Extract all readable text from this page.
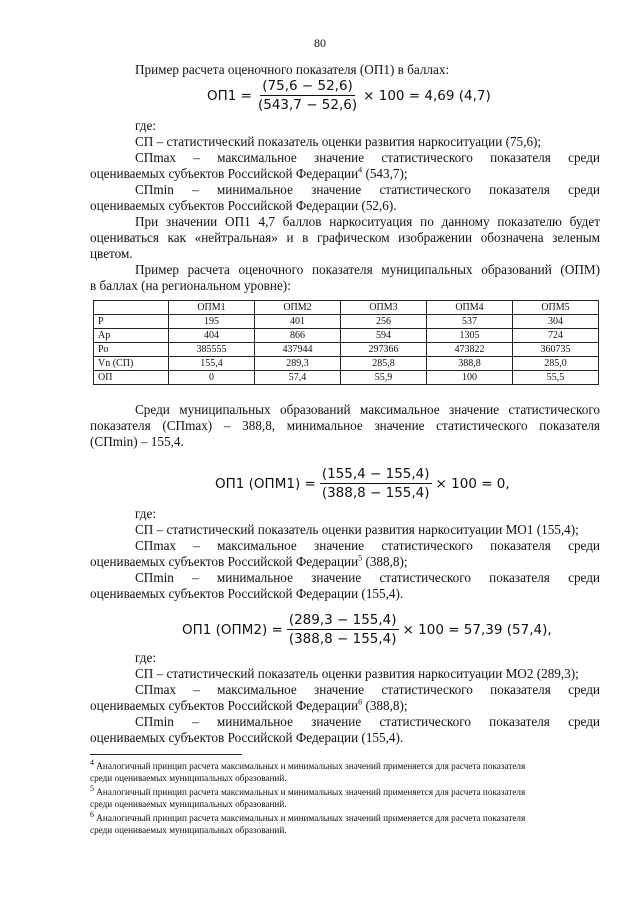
80
Пример расчета оценочного показателя (ОП1) в баллах:
$ОП1 = \frac{(75,6 - 52,6)}{(543,7 - 52,6)} \times 100 = 4,69$ (4,7)
где:
СП – статистический показатель оценки развития наркоситуации (75,6);
СПmax – максимальное значение статистического показателя среди
оцениваемых субъектов Российской Федерации$^4$ (543,7);
СПmin – минимальное значение статистического показателя среди
оцениваемых субъектов Российской Федерации (52,6).
При значении ОП1 4,7 баллов наркоситуация по данному показателю будет
оцениваться как «нейтральная» и в графическом изображении обозначена зеленым
цветом.
Пример расчета оценочного показателя муниципальных образований (ОПМ)
в баллах (на региональном уровне):
	ОПМ1	ОПМ2	ОПМ3	ОПМ4	ОПМ5
Р	195	401	256	537	304
Ар	404	866	594	1305	724
Ро	385555	437944	297366	473822	360735
Vn (СП)	155,4	289,3	285,8	388,8	285,0
ОП	0	57,4	55,9	100	55,5
Среди муниципальных образований максимальное значение статистического
показателя (СПmax) – 388,8, минимальное значение статистического показателя
(СПmin) – 155,4.
ОП1 $(ОПМ1) = \frac{(155,4 - 155,4)}{(388,8 - 155,4)} \times 100 = 0$,
где:
СП – статистический показатель оценки развития наркоситуации МО1 (155,4);
СПmax – максимальное значение статистического показателя среди
оцениваемых субъектов Российской Федерации$^5$ (388,8);
СПmin – минимальное значение статистического показателя среди
оцениваемых субъектов Российской Федерации (155,4).
ОП1 $(ОПМ2) = \frac{(289,3 - 155,4)}{(388,8 - 155,4)} \times 100 = 57,39$ (57,4),
где:
СП – статистический показатель оценки развития наркоситуации МО2 (289,3);
СПmax – максимальное значение статистического показателя среди
оцениваемых субъектов Российской Федерации$^6$ (388,8);
СПmin – минимальное значение статистического показателя среди
оцениваемых субъектов Российской Федерации (155,4).
$^4$ Аналогичный принцип расчета максимальных и минимальных значений применяется для расчета показателя
среди оцениваемых муниципальных образований.
$^5$ Аналогичный принцип расчета максимальных и минимальных значений применяется для расчета показателя
среди оцениваемых муниципальных образований.
$^6$ Аналогичный принцип расчета максимальных и минимальных значений применяется для расчета показателя
среди оцениваемых муниципальных образований.
